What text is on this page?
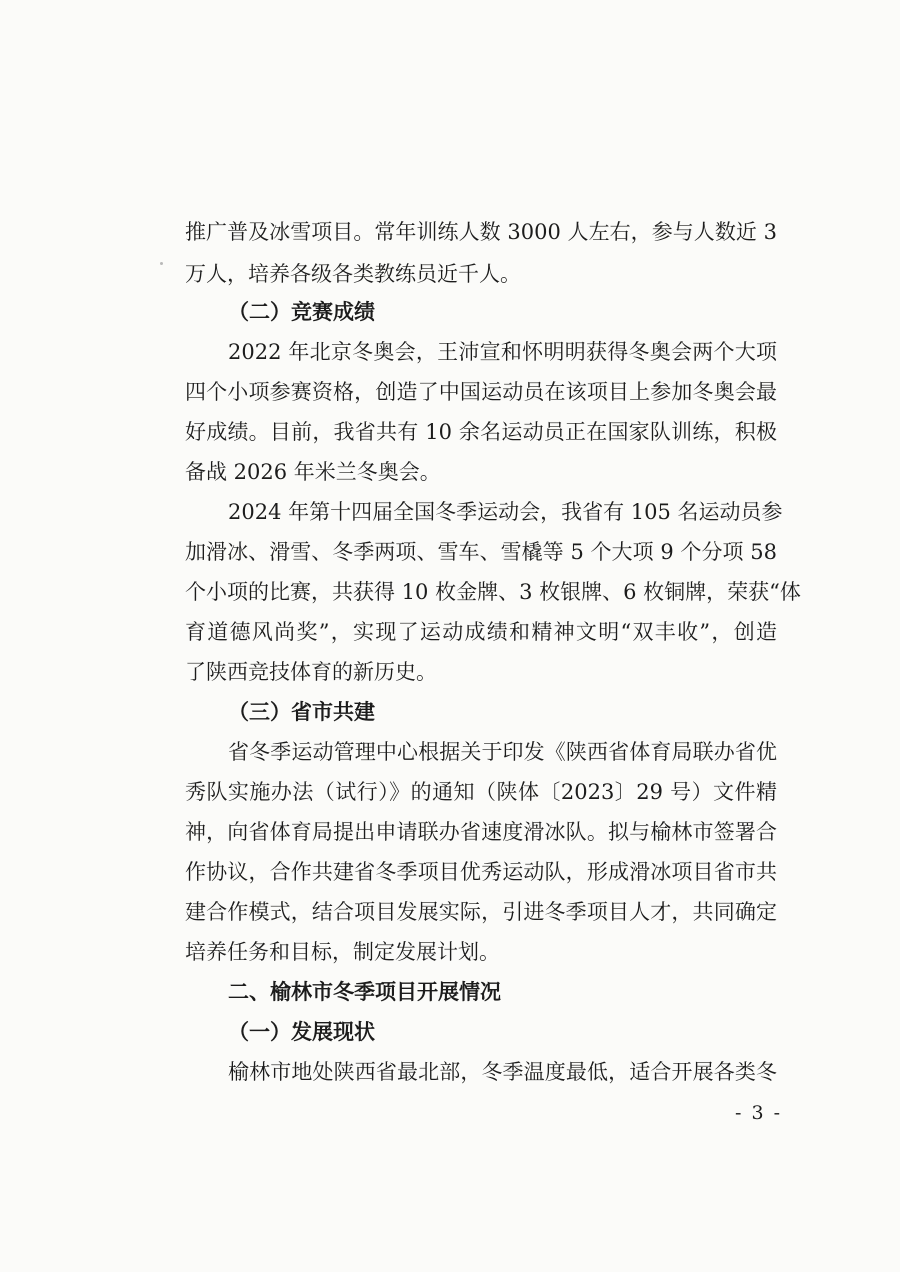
推广普及冰雪项目。常年训练人数 3000 人左右，参与人数近 3
万人，培养各级各类教练员近千人。
（二）竞赛成绩
2022 年北京冬奥会，王沛宣和怀明明获得冬奥会两个大项
四个小项参赛资格，创造了中国运动员在该项目上参加冬奥会最
好成绩。目前，我省共有 10 余名运动员正在国家队训练，积极
备战 2026 年米兰冬奥会。
2024 年第十四届全国冬季运动会，我省有 105 名运动员参
加滑冰、滑雪、冬季两项、雪车、雪橇等 5 个大项 9 个分项 58
个小项的比赛，共获得 10 枚金牌、3 枚银牌、6 枚铜牌，荣获“体
育道德风尚奖”，实现了运动成绩和精神文明“双丰收”，创造
了陕西竞技体育的新历史。
（三）省市共建
省冬季运动管理中心根据关于印发《陕西省体育局联办省优
秀队实施办法（试行）》的通知（陕体〔2023〕29 号）文件精
神，向省体育局提出申请联办省速度滑冰队。拟与榆林市签署合
作协议，合作共建省冬季项目优秀运动队，形成滑冰项目省市共
建合作模式，结合项目发展实际，引进冬季项目人才，共同确定
培养任务和目标，制定发展计划。
二、榆林市冬季项目开展情况
（一）发展现状
榆林市地处陕西省最北部，冬季温度最低，适合开展各类冬
- 3 -
